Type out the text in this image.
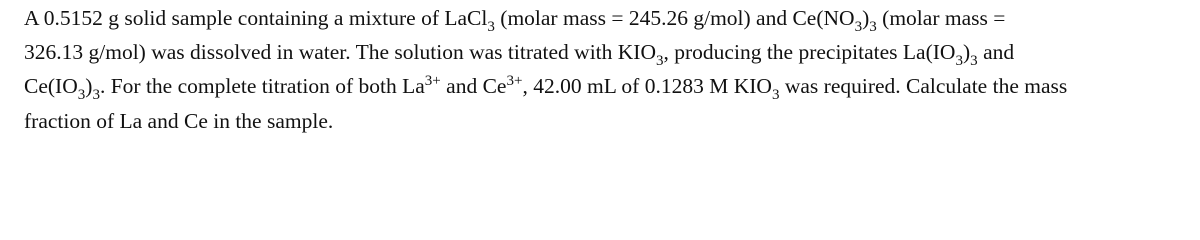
A 0.5152 g solid sample containing a mixture of LaCl$_3$ (molar mass = 245.26 g/mol) and $Ce(NO_3)_3$ (molar mass =
326.13 g/mol) was dissolved in water. The solution was titrated with $KIO_3$, producing the precipitates $La(IO_3)_3$ and
$Ce(IO_3)_3$. For the complete titration of both $La^{3+}$ and $Ce^{3+}$, 42.00 mL of 0.1283 M $KIO_3$ was required. Calculate the mass
fraction of La and Ce in the sample.
